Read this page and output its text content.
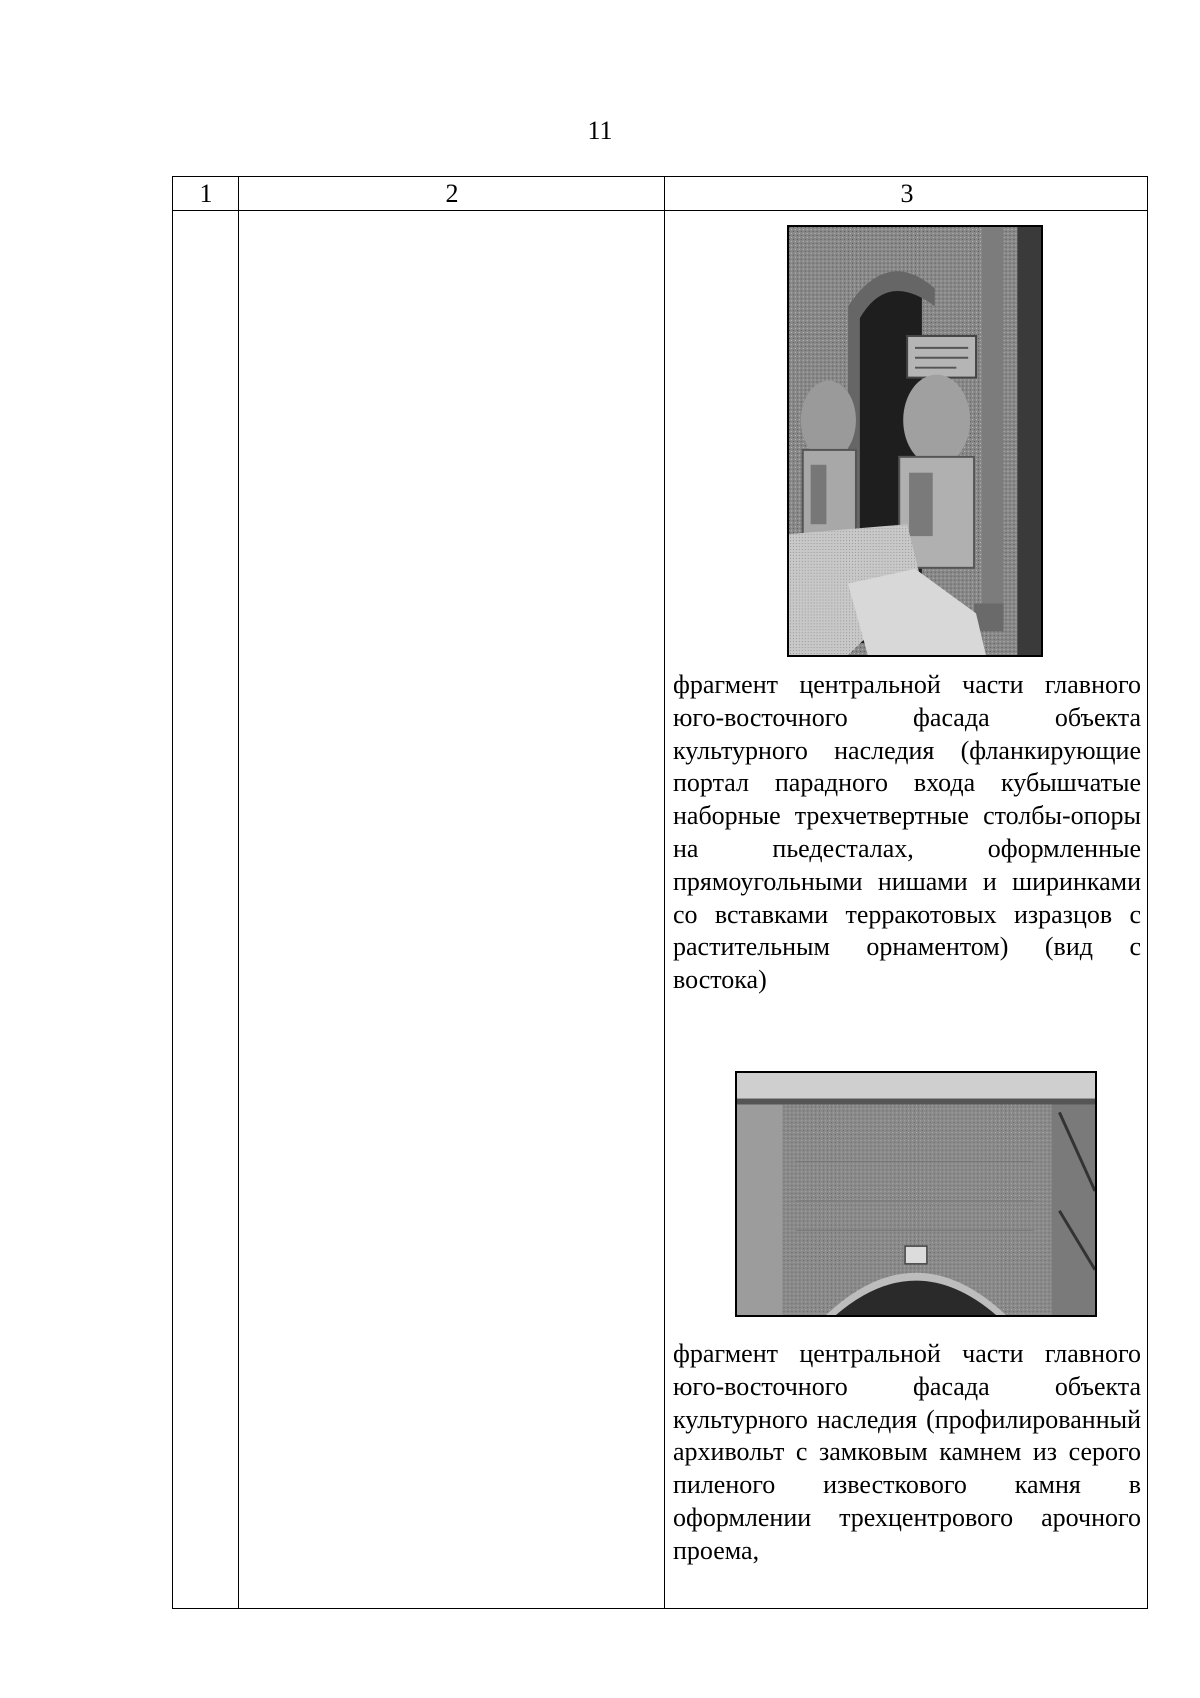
11
1	2	3

фрагмент центральной части главного юго-восточного фасада объекта культурного наследия (фланкирующие портал парадного входа кубышчатые наборные трехчетвертные столбы-опоры на пьедесталах, оформленные прямоугольными нишами и ширинками со вставками терракотовых изразцов с растительным орнаментом) (вид с востока)

фрагмент центральной части главного юго-восточного фасада объекта культурного наследия (профилированный архивольт с замковым камнем из серого пиленого известкового камня в оформлении трехцентрового арочного проема,
